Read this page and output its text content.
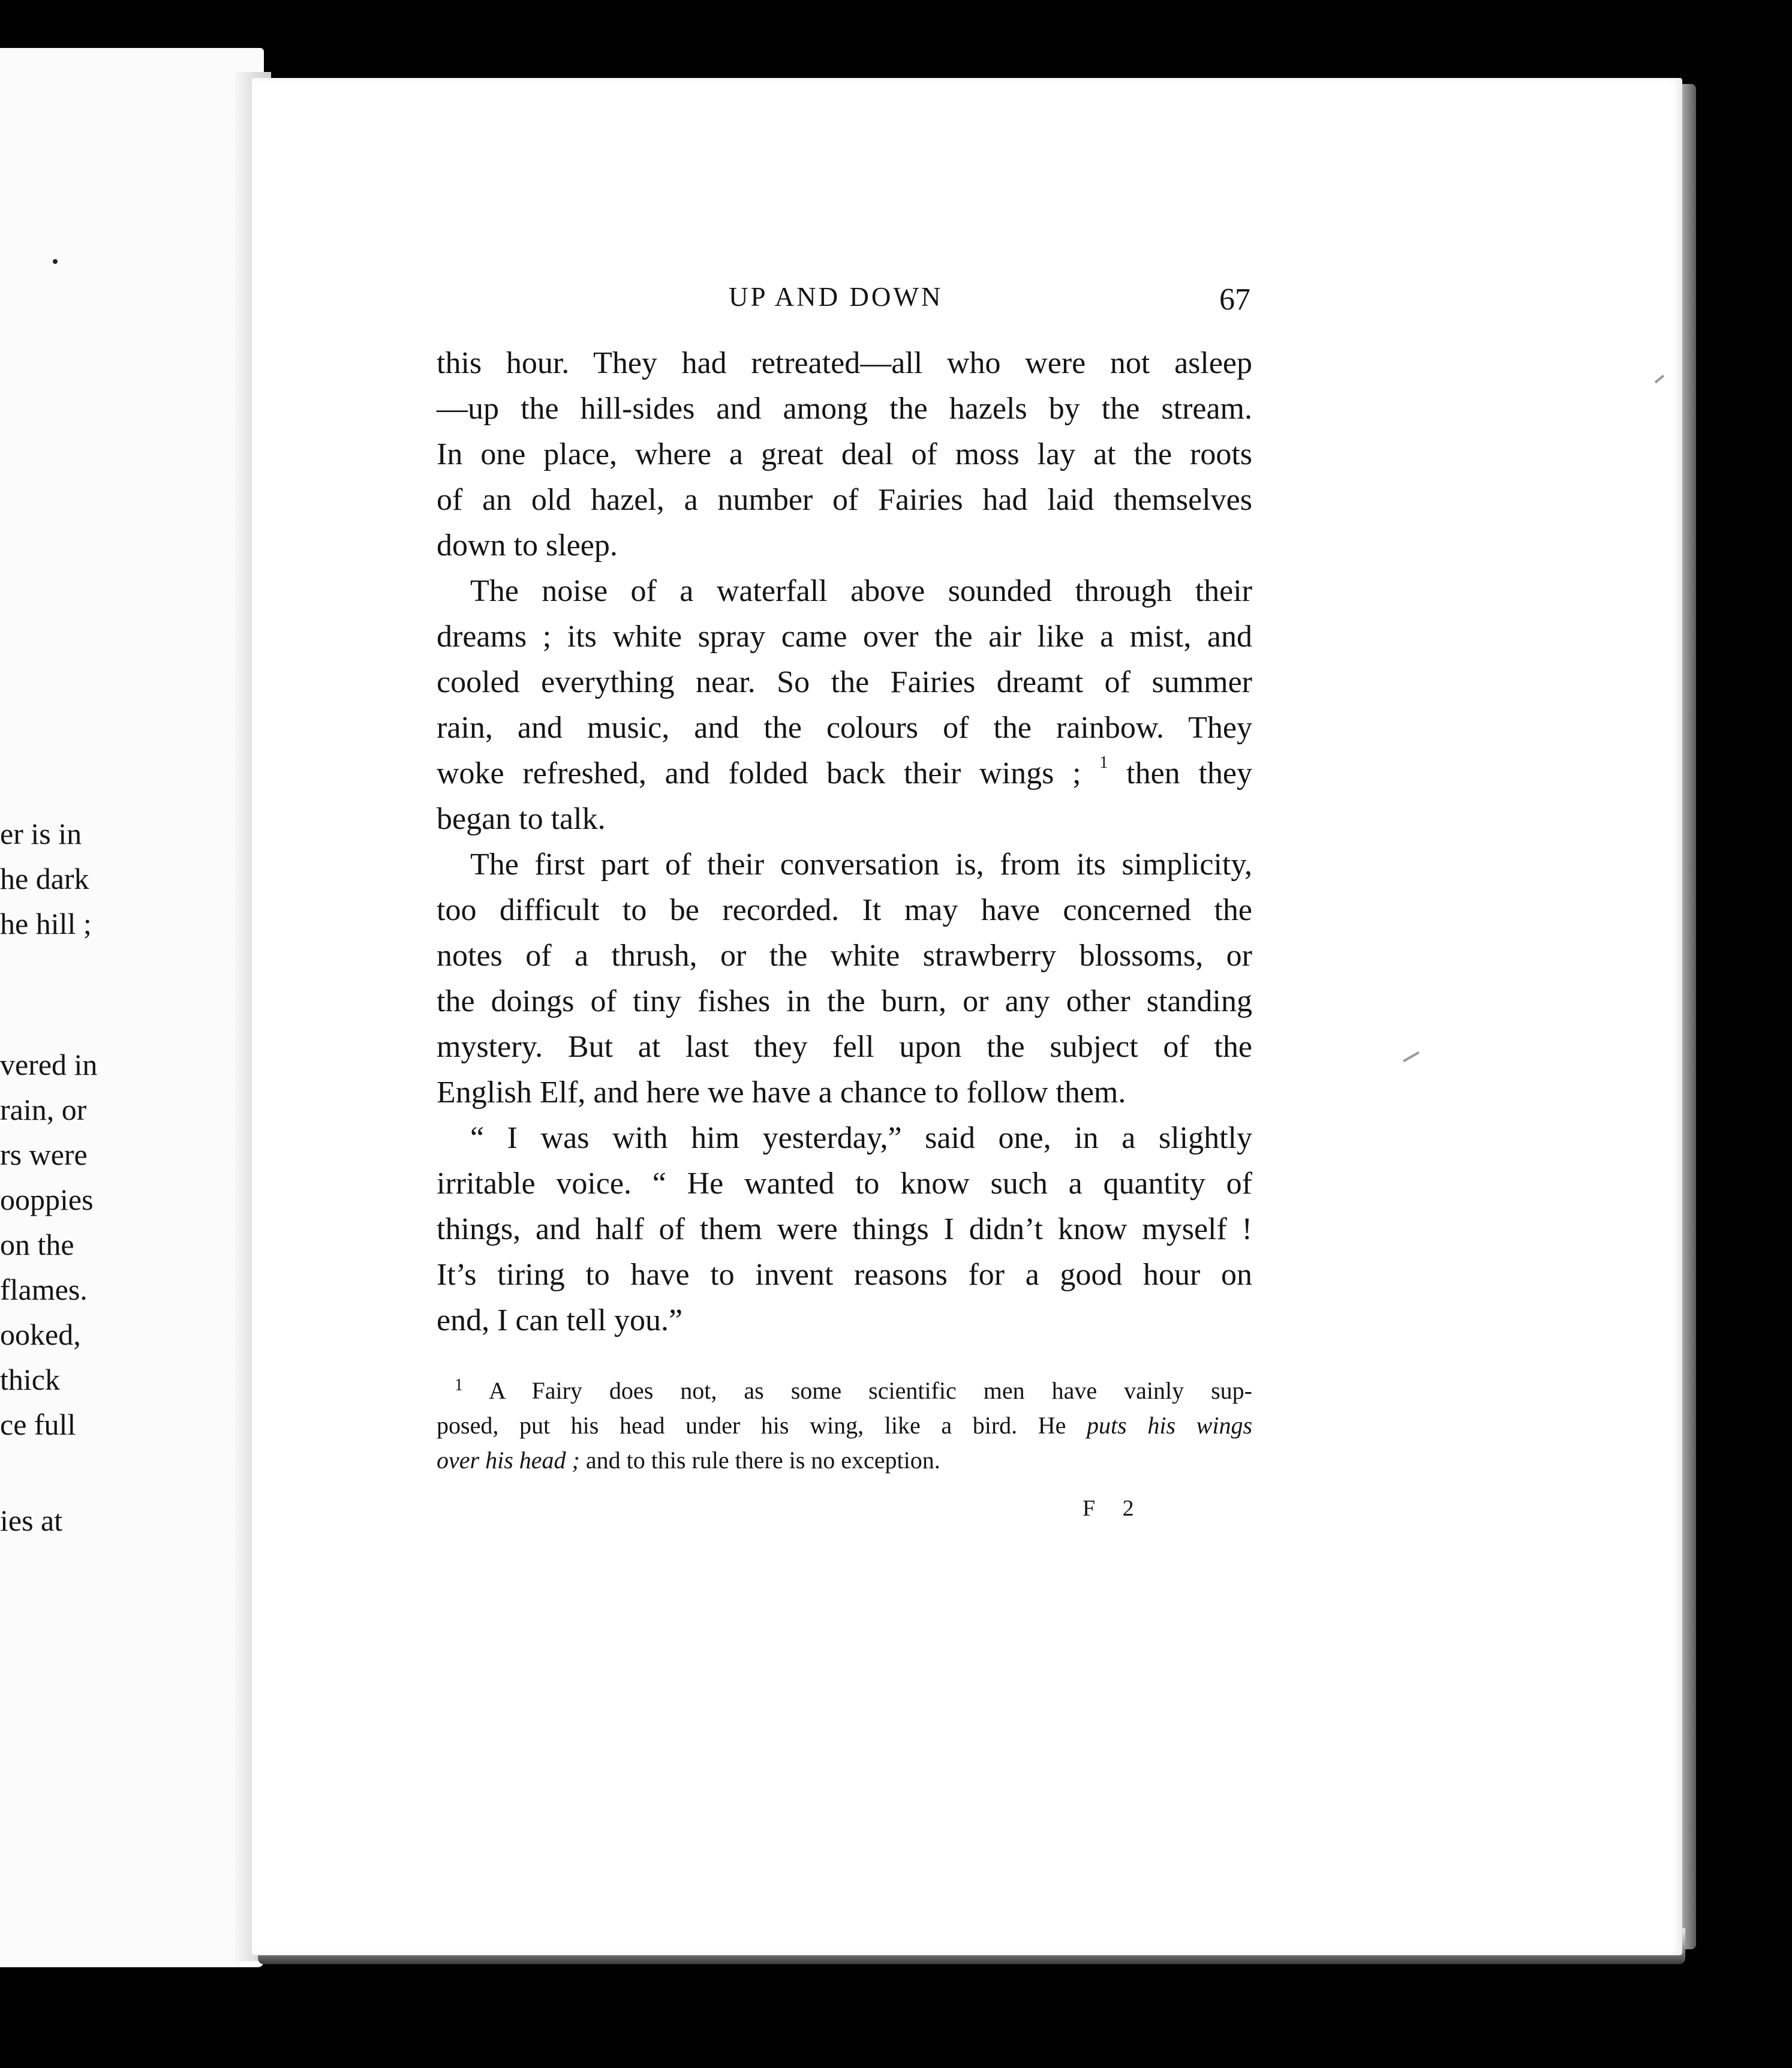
er is in
he dark
he hill ;
vered in
rain, or
rs were
ooppies
on the
flames.
ooked,
thick
ce full
ies at
UP AND DOWN	67
this hour. They had retreated—all who were not asleep
—up the hill-sides and among the hazels by the stream.
In one place, where a great deal of moss lay at the roots
of an old hazel, a number of Fairies had laid themselves
down to sleep.
The noise of a waterfall above sounded through their
dreams ; its white spray came over the air like a mist, and
cooled everything near. So the Fairies dreamt of summer
rain, and music, and the colours of the rainbow. They
woke refreshed, and folded back their wings ; $^1$ then they
began to talk.
The first part of their conversation is, from its simplicity,
too difficult to be recorded. It may have concerned the
notes of a thrush, or the white strawberry blossoms, or
the doings of tiny fishes in the burn, or any other standing
mystery. But at last they fell upon the subject of the
English Elf, and here we have a chance to follow them.
“ I was with him yesterday,” said one, in a slightly
irritable voice. “ He wanted to know such a quantity of
things, and half of them were things I didn’t know myself !
It’s tiring to have to invent reasons for a good hour on
end, I can tell you.”
$^1$ A Fairy does not, as some scientific men have vainly sup-
posed, put his head under his wing, like a bird. He puts his wings
over his head ; and to this rule there is no exception.
F 2
